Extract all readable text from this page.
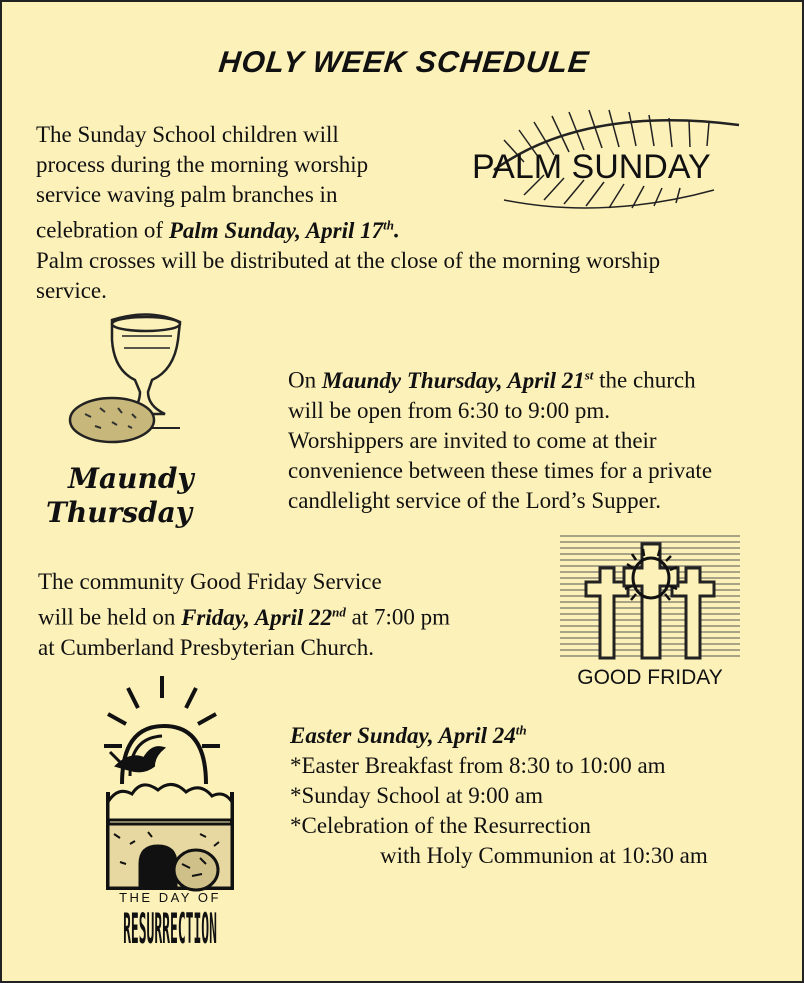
HOLY WEEK SCHEDULE

The Sunday School children will
process during the morning worship
service waving palm branches in
celebration of Palm Sunday, April 17th.
Palm crosses will be distributed at the close of the morning worship
service.

PALM SUNDAY
Maundy
Thursday

On Maundy Thursday, April 21st the church
will be open from 6:30 to 9:00 pm.
Worshippers are invited to come at their
convenience between these times for a private
candlelight service of the Lord’s Supper.

The community Good Friday Service
will be held on Friday, April 22nd at 7:00 pm
at Cumberland Presbyterian Church.

GOOD FRIDAY
THE DAY OF
RESURRECTION

Easter Sunday, April 24th
*Easter Breakfast from 8:30 to 10:00 am
*Sunday School at 9:00 am
*Celebration of the Resurrection
with Holy Communion at 10:30 am
